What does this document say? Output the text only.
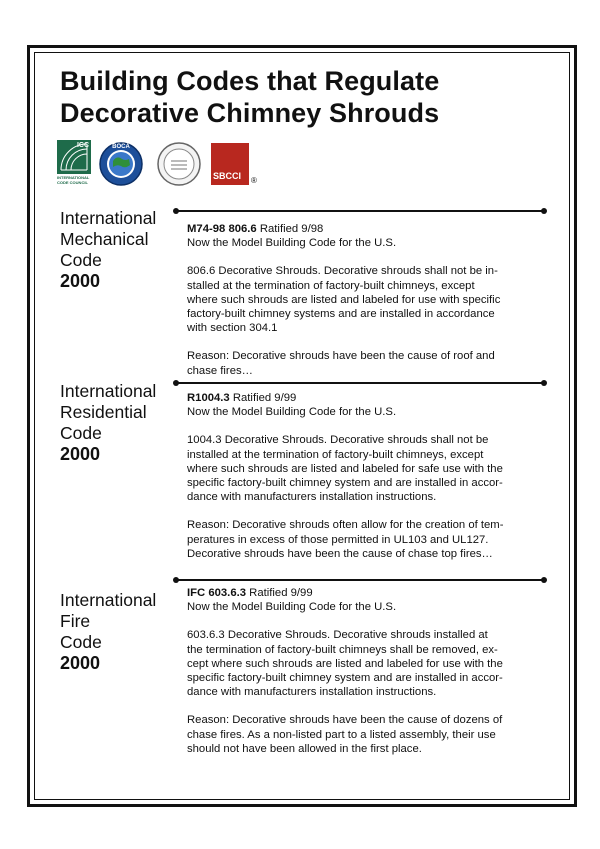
Building Codes that Regulate
Decorative Chimney Shrouds
ICC
INTERNATIONAL CODE COUNCIL
BOCA
SBCCI ®
International
Mechanical
Code
2000

M74-98 806.6 Ratified 9/98

Now the Model Building Code for the U.S.

806.6 Decorative Shrouds. Decorative shrouds shall not be in-

stalled at the termination of factory-built chimneys, except

where such shrouds are listed and labeled for use with specific

factory-built chimney systems and are installed in accordance

with section 304.1

Reason: Decorative shrouds have been the cause of roof and

chase fires…

International
Residential
Code
2000

R1004.3 Ratified 9/99

Now the Model Building Code for the U.S.

1004.3 Decorative Shrouds. Decorative shrouds shall not be

installed at the termination of factory-built chimneys, except

where such shrouds are listed and labeled for safe use with the

specific factory-built chimney system and are installed in accor-

dance with manufacturers installation instructions.

Reason: Decorative shrouds often allow for the creation of tem-

peratures in excess of those permitted in UL103 and UL127.

Decorative shrouds have been the cause of chase top fires…

International
Fire
Code
2000

IFC 603.6.3 Ratified 9/99

Now the Model Building Code for the U.S.

603.6.3 Decorative Shrouds. Decorative shrouds installed at

the termination of factory-built chimneys shall be removed, ex-

cept where such shrouds are listed and labeled for use with the

specific factory-built chimney system and are installed in accor-

dance with manufacturers installation instructions.

Reason: Decorative shrouds have been the cause of dozens of

chase fires. As a non-listed part to a listed assembly, their use

should not have been allowed in the first place.
